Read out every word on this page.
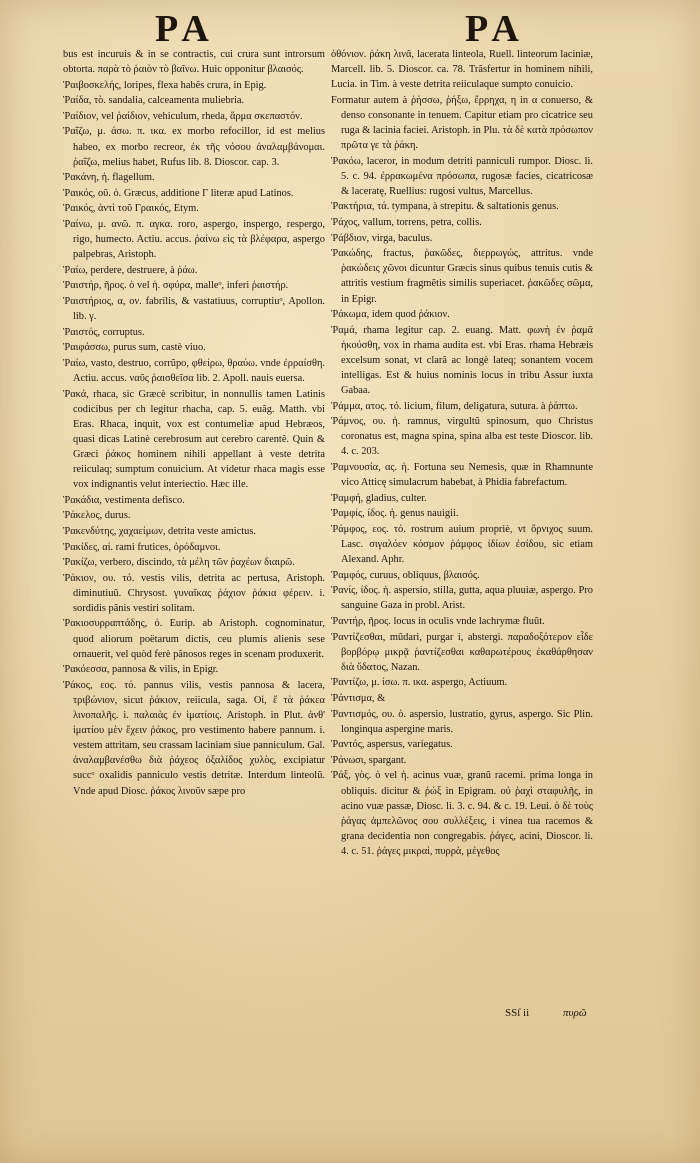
PA	PA

bus est incuruis & in se contractis, cui crura sunt introrsum obtorta. παρὰ τὸ ῥαιὸν τὸ βαῖνω. Huic opponitur βλαισός.

Ῥαιβοσκελής, loripes, flexa habẽs crura, in Epig.

Ῥαίδα, τὸ. sandalia, calceamenta muliebria.

Ῥαίδιον, vel ῥαίδιον, vehiculum, rheda, ἅρμα σκεπαστόν.

Ῥαΐζω, μ. άσω. π. ικα. ex morbo refocillor, id est melius habeo, ex morbo recreor, ἐκ τῆς νόσου ἀναλαμβάνομαι. ῥαΐζω, melius habet, Rufus lib. 8. Dioscor. cap. 3.

Ῥακάνη, ἡ. flagellum.

Ῥαικός, οῦ. ὁ. Græcus, additione Γ literæ apud Latinos.

Ῥαικός, ἀντὶ τοῦ Γραικός, Etym.

Ῥαίνω, μ. ανῶ. π. αγκα. roro, aspergo, inspergo, respergo, rigo, humecto. Actiu. accus. ῥαίνω εἰς τὰ βλέφαρα, aspergo palpebras, Aristoph.

Ῥαίω, perdere, destruere, à ῥάω.

Ῥαιστήρ, ῆρος. ὁ vel ἡ. σφύρα, malleᵒ, inferi ῥαιστήρ.

Ῥαιστήριος, α, ον. fabrilis, & vastatiuus, corruptiuᵒ, Apollon. lib. γ.

Ῥαιστός, corruptus.

Ῥαιφάσσω, purus sum, castè viuo.

Ῥαίω, vasto, destruo, corrũpo, φθείρω, θραύω. vnde ἐρραίσθη. Actiu. accus. ναῦς ῥαισθεῖσα lib. 2. Apoll. nauis euersa.

Ῥακά, rhaca, sic Græcè scribitur, in nonnullis tamen Latinis codicibus per ch legitur rhacha, cap. 5. euãg. Matth. vbi Eras. Rhaca, inquit, vox est contumeliæ apud Hebræos, quasi dicas Latinè cerebrosum aut cerebro carentẽ. Quin & Græci ῥάκος hominem nihili appellant à veste detrita reiiculaq; sumptum conuicium. At videtur rhaca magis esse vox indignantis velut interiectio. Hæc ille.

Ῥακάδια, vestimenta defisco.

Ῥάκελος, durus.

Ῥακενδύτης, χαχαείμων, detrita veste amictus.

Ῥακίδες, αἱ. rami frutices, ὀρόδαμνοι.

Ῥακίζω, verbero, discindo, τὰ μέλη τῶν ῥαχέων διαιρῶ.

Ῥάκιον, ου. τό. vestis vilis, detrita ac pertusa, Aristoph. diminutiuũ. Chrysost. γυναῖκας ῥάχιον ῥάκια φέρειν. i. sordidis pãnis vestiri solitam.

Ῥακιοσυρραπτάδης, ὁ. Eurip. ab Aristoph. cognominatur, quod aliorum poëtarum dictis, ceu plumis alienis sese ornauerit, vel quòd ferè pãnosos reges in scenam produxerit.

Ῥακόεσσα, pannosa & vilis, in Epigr.

Ῥάκος, εος. τό. pannus vilis, vestis pannosa & lacera, τριβώνιον, sicut ῥάκιον, reiicula, saga. Οἱ, ἔ τὰ ῥάκεα λινοπαλῆς. i. παλαιὰς ἐν ἱματίοις. Aristoph. in Plut. ἀνθ' ἱματίου μὲν ἔχειν ῥάκος, pro vestimento habere pannum. i. vestem attritam, seu crassam laciniam siue panniculum. Gal. ἀναλαμβανέσθω διὰ ῥάχεος ὀξαλίδος χυλὸς, excipiatur succᵒ oxalidis panniculo vestis detritæ. Interdum linteolũ. Vnde apud Diosc. ῥάκος λινοῦν sæpe pro

ὀθόνιον. ῥάκη λινᾶ, lacerata linteola, Ruell. linteorum laciniæ, Marcell. lib. 5. Dioscor. ca. 78. Trãsfertur in hominem nihili, Lucia. in Tim. à veste detrita reiiculaque sumpto conuicio.

Formatur autem à ῥήσσω, ῥήξω, ἔρρηχα, η in α conuerso, & denso consonante in tenuem. Capitur etiam pro cicatrice seu ruga & lacinia faciei. Aristoph. in Plu. τὰ δὲ κατὰ πρόσωπον πρῶτα γε τὰ ῥάκη.

Ῥακόω, laceror, in modum detriti panniculi rumpor. Diosc. li. 5. c. 94. ἐρρακωμένα πρόσωπα, rugosæ facies, cicatricosæ & laceratę, Ruellius: rugosi vultus, Marcellus.

Ῥακτήρια, τά. tympana, à strepitu. & saltationis genus.

Ῥάχος, vallum, torrens, petra, collis.

Ῥάβδιον, virga, baculus.

Ῥακώδης, fractus, ῥακῶδες, διερρωγώς, attritus. vnde ῥακώδεις χῶνοι dicuntur Græcis sinus quibus tenuis cutis & attritis vestium fragmẽtis similis superiacet. ῥακῶδες σῶμα, in Epigr.

Ῥάκωμα, idem quod ῥάκιον.

Ῥαμά, rhama legitur cap. 2. euang. Matt. φωνὴ ἐν ῥαμᾶ ἠκούσθη, vox in rhama audita est. vbi Eras. rhama Hebræis excelsum sonat, vt clarã ac longè lateq; sonantem vocem intelligas. Est & huius nominis locus in tribu Assur iuxta Gabaa.

Ῥάμμα, ατος. τό. licium, filum, deligatura, sutura. à ῥάπτω.

Ῥάμνος, ου. ἡ. ramnus, virgultũ spinosum, quo Christus coronatus est, magna spina, spina alba est teste Dioscor. lib. 4. c. 203.

Ῥαμνουσία, ας. ἡ. Fortuna seu Nemesis, quæ in Rhamnunte vico Atticę simulacrum habebat, à Phidia fabrefactum.

Ῥαμφή, gladius, culter.

Ῥαμφίς, ίδος. ἡ. genus nauigii.

Ῥάμφος, εος. τό. rostrum auium propriè, vt ὄρνιχος suum. Lasc. σιγαλόεν κόσμον ῥάμφος ἰδίων ἐσίδου, sic etiam Alexand. Aphr.

Ῥαμφός, curuus, obliquus, βλαισός.

Ῥανίς, ίδος. ἡ. aspersio, stilla, gutta, aqua pluuiæ, aspergo. Pro sanguine Gaza in probl. Arist.

Ῥαντήρ, ῆρος. locus in oculis vnde lachrymæ fluũt.

Ῥαντίζεσθαι, mũdari, purgar i, abstergi. παραδοξότερον εἶδε βορβόρῳ μικρᾷ ῥαντίζεσθαι καθαρωτέρους ἐκαθάρθησαν διὰ ὕδατος, Nazan.

Ῥαντίζω, μ. ίσω. π. ικα. aspergo, Actiuum.

Ῥάντισμα, &

Ῥαντισμός, ου. ὁ. aspersio, lustratio, gyrus, aspergo. Sic Plin. longinqua aspergine maris.

Ῥαντός, aspersus, variegatus.

Ῥάνωσι, spargant.

Ῥάξ, γὸς. ὁ vel ἡ. acinus vuæ, granũ racemi. prima longa in obliquis. dicitur & ῥώξ in Epigram. οὐ ῥαχὶ σταφυλῆς, in acino vuæ passæ, Diosc. li. 3. c. 94. & c. 19. Leui. ὁ δὲ τοὺς ῥάγας ἀμπελῶνος σου συλλέξεις, i vinea tua racemos & grana decidentia non congregabis. ῥάγες, acini, Dioscor. li. 4. c. 51. ῥάγες μικραὶ, πυρρὰ, μέγεθος

SSſ ii	πυρῶ
